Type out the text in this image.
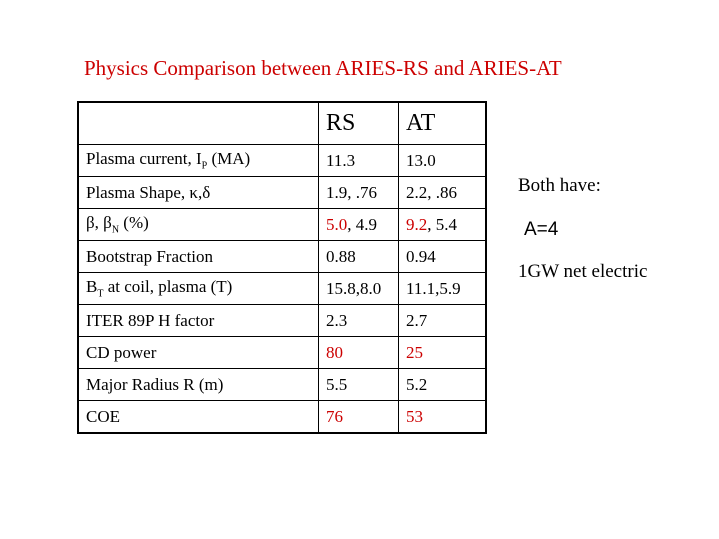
Physics Comparison between ARIES-RS and ARIES-AT
	RS	AT
Plasma current, $I_P$ (MA)	11.3	13.0
Plasma Shape, κ,δ	1.9, .76	2.2, .86
β, $\beta_N$ (%)	5.0, 4.9	9.2, 5.4
Bootstrap Fraction	0.88	0.94
$B_T$ at coil, plasma (T)	15.8,8.0	11.1,5.9
ITER 89P H factor	2.3	2.7
CD power	80	25
Major Radius R (m)	5.5	5.2
COE	76	53
Both have:
A=4
1GW net electric
